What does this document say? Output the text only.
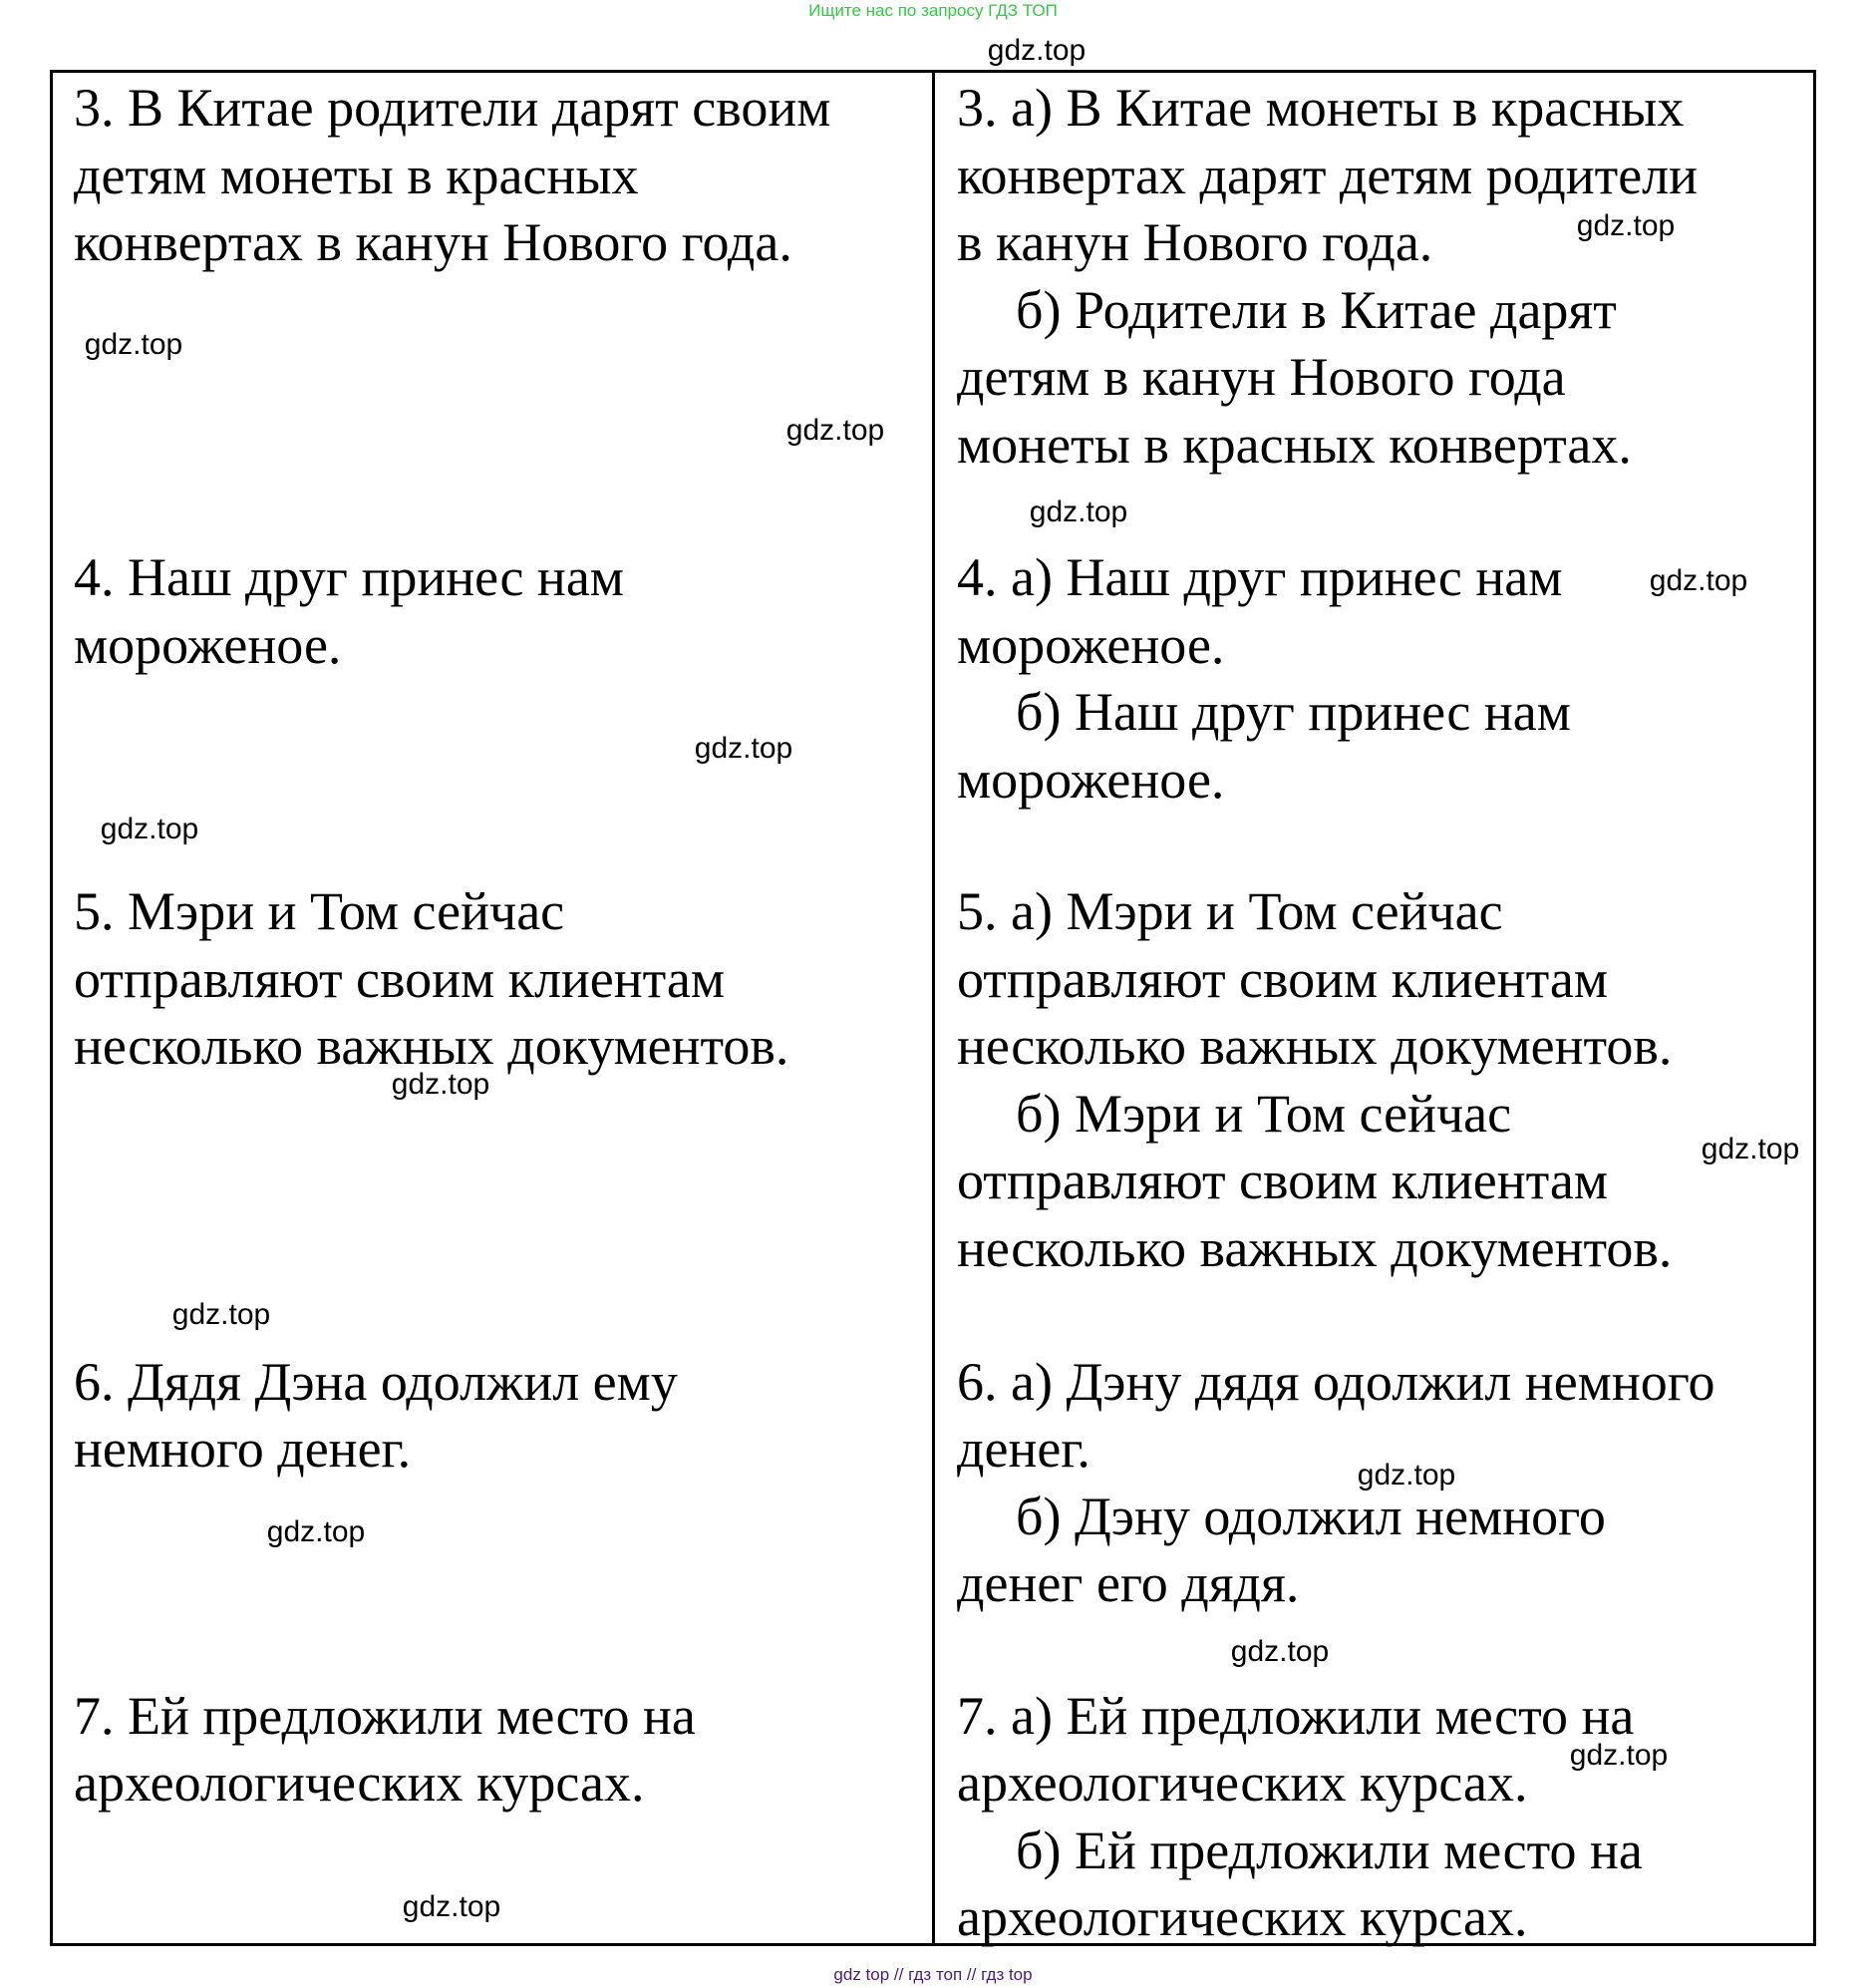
Ищите нас по запросу ГДЗ ТОП
3. В Китае родители дарят своим
детям монеты в красных
конвертах в канун Нового года.
4. Наш друг принес нам
мороженое.
5. Мэри и Том сейчас
отправляют своим клиентам
несколько важных документов.
6. Дядя Дэна одолжил ему
немного денег.
7. Ей предложили место на
археологических курсах.
3. а) В Китае монеты в красных
конвертах дарят детям родители
в канун Нового года.
б) Родители в Китае дарят
детям в канун Нового года
монеты в красных конвертах.
4. а) Наш друг принес нам
мороженое.
б) Наш друг принес нам
мороженое.
5. а) Мэри и Том сейчас
отправляют своим клиентам
несколько важных документов.
б) Мэри и Том сейчас
отправляют своим клиентам
несколько важных документов.
6. а) Дэну дядя одолжил немного
денег.
б) Дэну одолжил немного
денег его дядя.
7. а) Ей предложили место на
археологических курсах.
б) Ей предложили место на
археологических курсах.
gdz.top
gdz.top
gdz.top
gdz.top
gdz.top
gdz.top
gdz.top
gdz.top
gdz.top
gdz.top
gdz.top
gdz.top
gdz.top
gdz.top
gdz.top
gdz.top
gdz top // гдз топ // гдз top
